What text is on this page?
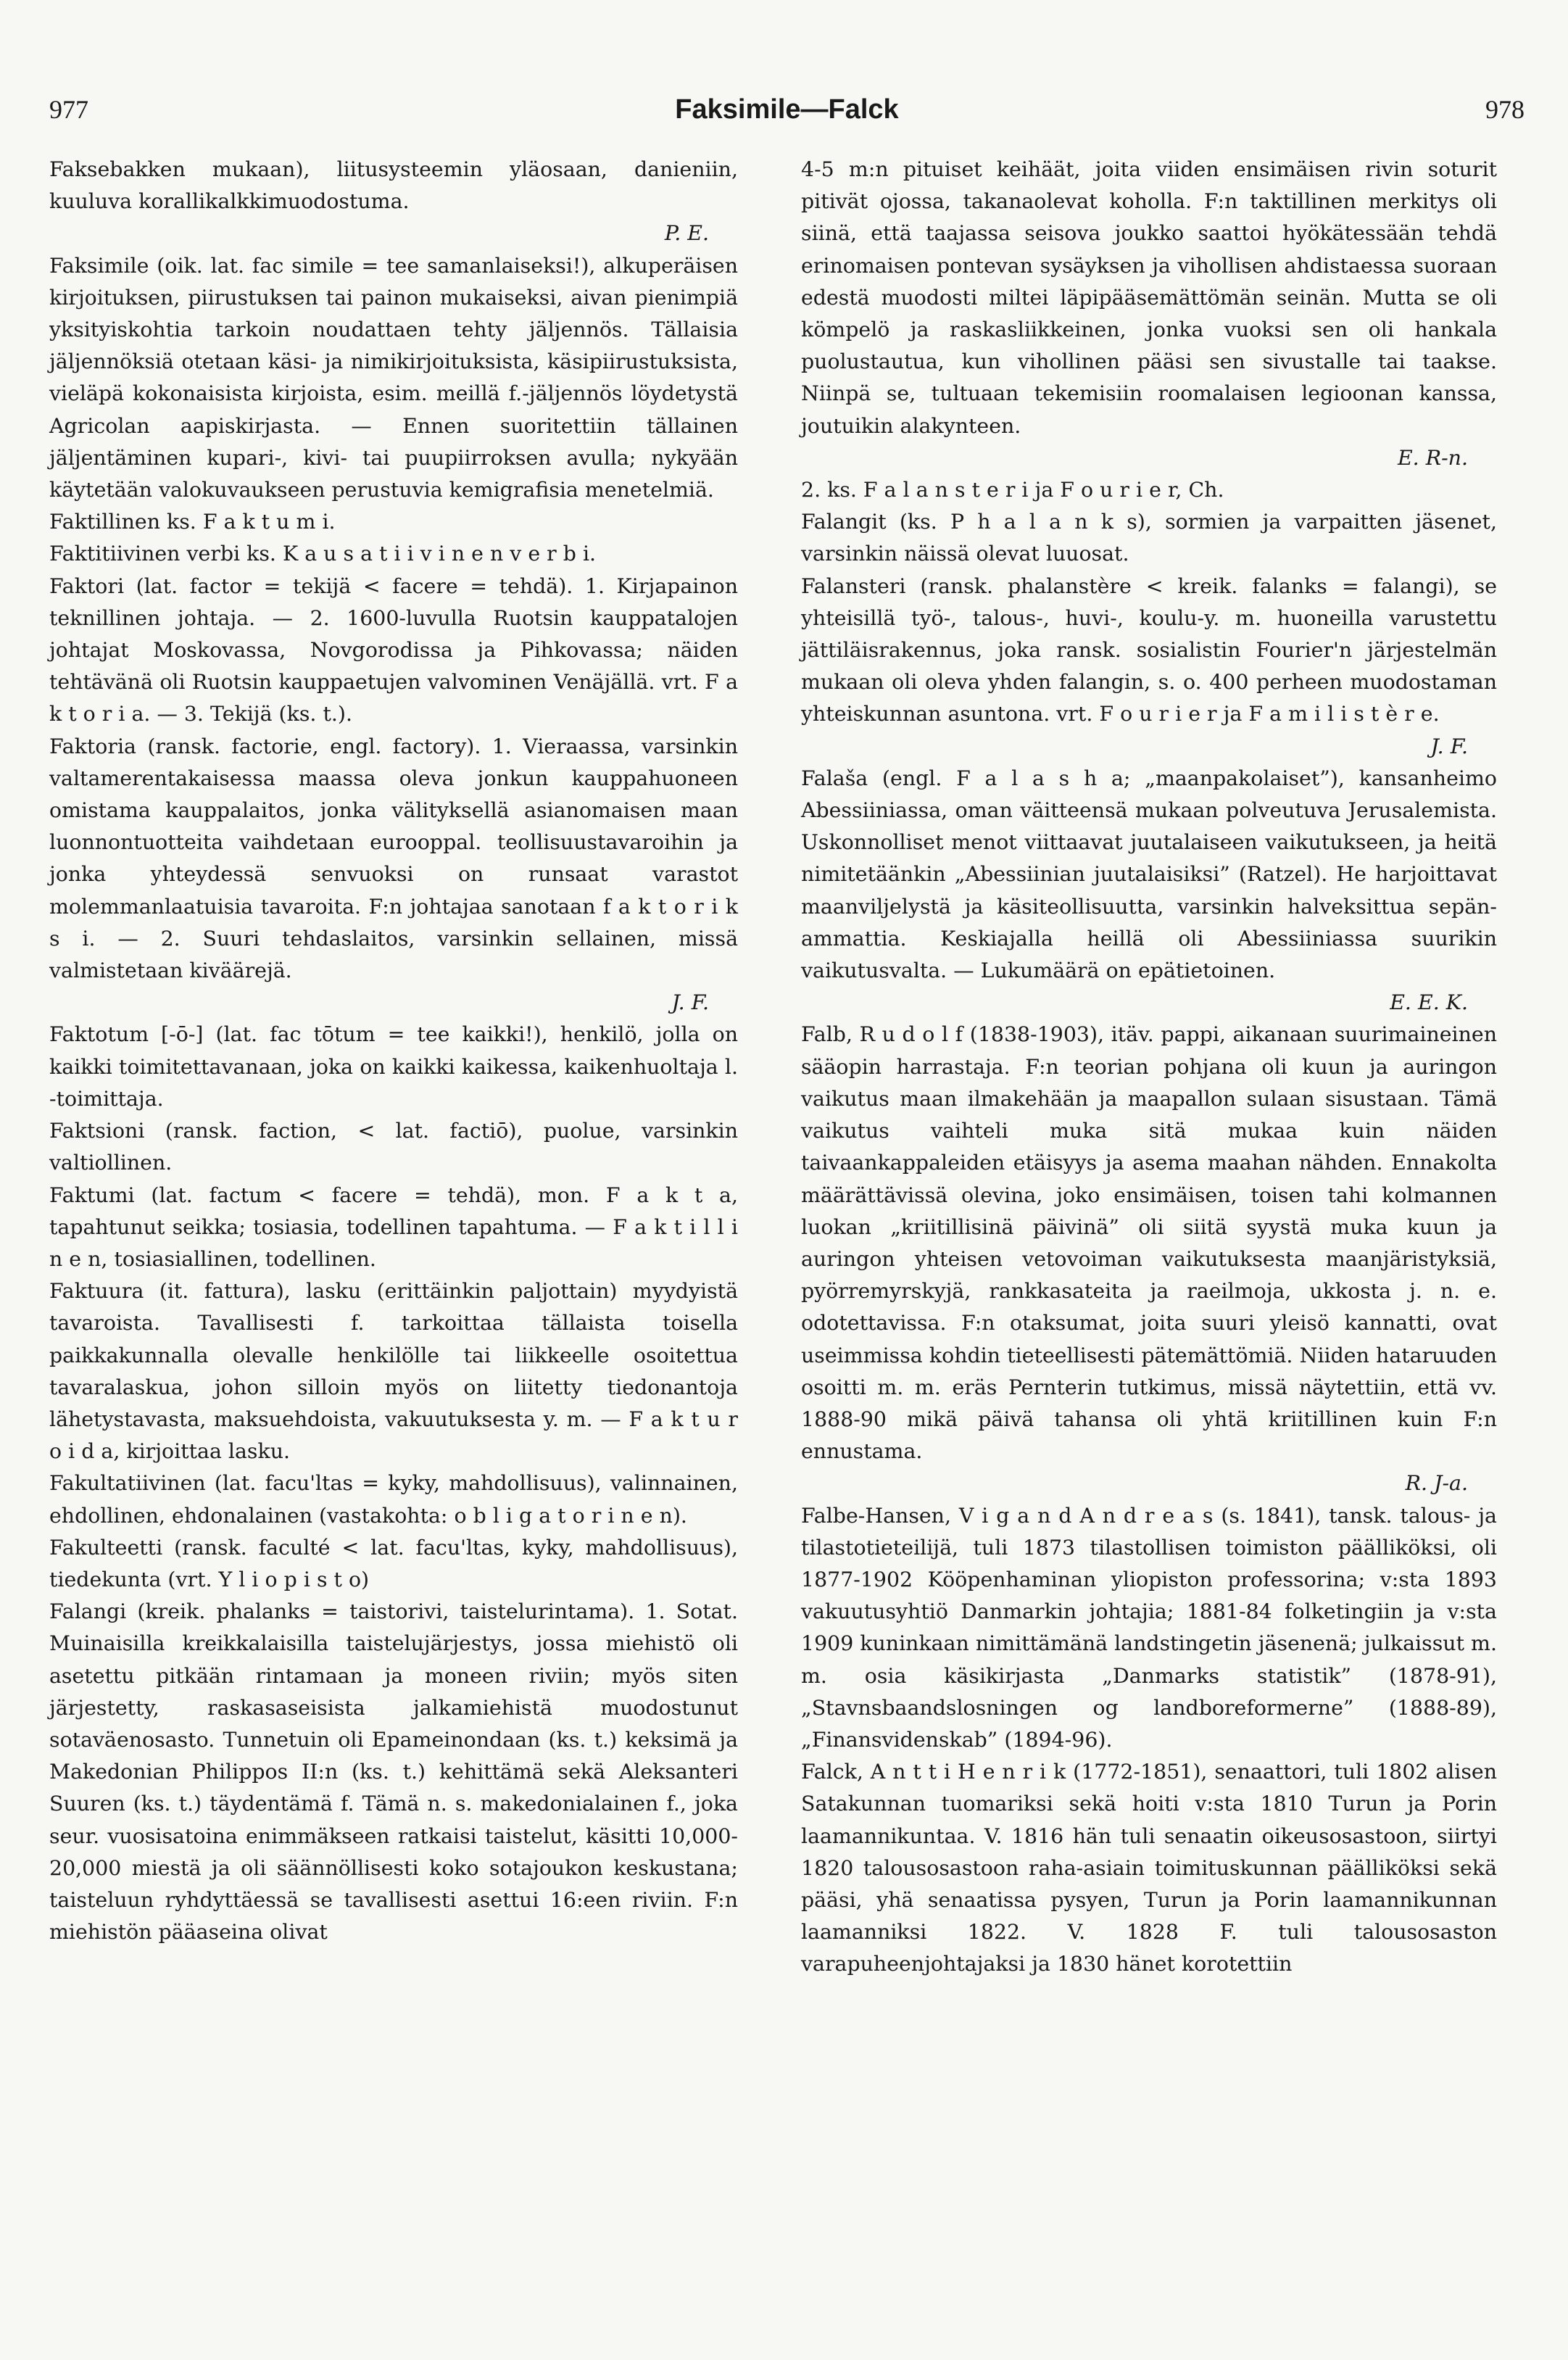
977	Faksimile—Falck	978

Faksebakken mukaan), liitusysteemin yläosaan, danieniin, kuuluva korallikalkkimuodostuma.

P. E.

Faksimile (oik. lat. fac simile = tee samanlaiseksi!), alkuperäisen kirjoituksen, piirustuksen tai painon mukaiseksi, aivan pienimpiä yksityiskohtia tarkoin noudattaen tehty jäljennös. Tällaisia jäljennöksiä otetaan käsi- ja nimikirjoituksista, käsipiirustuksista, vieläpä kokonaisista kirjoista, esim. meillä f.-jäljennös löydetystä Agricolan aapiskirjasta. — Ennen suoritettiin tällainen jäljentäminen kupari-, kivi- tai puupiirroksen avulla; nykyään käytetään valokuvaukseen perustuvia kemigrafisia menetelmiä.

Faktillinen ks. F a k t u m i.

Faktitiivinen verbi ks. K a u s a t i i v i n e n v e r b i.

Faktori (lat. factor = tekijä < facere = tehdä). 1. Kirjapainon teknillinen johtaja. — 2. 1600-luvulla Ruotsin kauppatalojen johtajat Moskovassa, Novgorodissa ja Pihkovassa; näiden tehtävänä oli Ruotsin kauppaetujen valvominen Venäjällä. vrt. F a k t o r i a. — 3. Tekijä (ks. t.).

Faktoria (ransk. factorie, engl. factory). 1. Vieraassa, varsinkin valtamerentakaisessa maassa oleva jonkun kauppahuoneen omistama kauppalaitos, jonka välityksellä asianomaisen maan luonnontuotteita vaihdetaan eurooppal. teollisuustavaroihin ja jonka yhteydessä senvuoksi on runsaat varastot molemmanlaatuisia tavaroita. F:n johtajaa sanotaan f a k t o r i k s i. — 2. Suuri tehdaslaitos, varsinkin sellainen, missä valmistetaan kiväärejä.

J. F.

Faktotum [-ō-] (lat. fac tōtum = tee kaikki!), henkilö, jolla on kaikki toimitettavanaan, joka on kaikki kaikessa, kaikenhuoltaja l. -toimittaja.

Faktsioni (ransk. faction, < lat. factiō), puolue, varsinkin valtiollinen.

Faktumi (lat. factum < facere = tehdä), mon. F a k t a, tapahtunut seikka; tosiasia, todellinen tapahtuma. — F a k t i l l i n e n, tosiasiallinen, todellinen.

Faktuura (it. fattura), lasku (erittäinkin paljottain) myydyistä tavaroista. Tavallisesti f. tarkoittaa tällaista toisella paikkakunnalla olevalle henkilölle tai liikkeelle osoitettua tavaralaskua, johon silloin myös on liitetty tiedonantoja lähetystavasta, maksuehdoista, vakuutuksesta y. m. — F a k t u r o i d a, kirjoittaa lasku.

Fakultatiivinen (lat. facu'ltas = kyky, mahdollisuus), valinnainen, ehdollinen, ehdonalainen (vastakohta: o b l i g a t o r i n e n).

Fakulteetti (ransk. faculté < lat. facu'ltas, kyky, mahdollisuus), tiedekunta (vrt. Y l i o p i s t o)

Falangi (kreik. phalanks = taistorivi, taistelurintama). 1. Sotat. Muinaisilla kreikkalaisilla taistelujärjestys, jossa miehistö oli asetettu pitkään rintamaan ja moneen riviin; myös siten järjestetty, raskasaseisista jalkamiehistä muodostunut sotaväenosasto. Tunnetuin oli Epameinondaan (ks. t.) keksimä ja Makedonian Philippos II:n (ks. t.) kehittämä sekä Aleksanteri Suuren (ks. t.) täydentämä f. Tämä n. s. makedonialainen f., joka seur. vuosisatoina enimmäkseen ratkaisi taistelut, käsitti 10,000-20,000 miestä ja oli säännöllisesti koko sotajoukon keskustana; taisteluun ryhdyttäessä se tavallisesti asettui 16:een riviin. F:n miehistön pääaseina olivat

4-5 m:n pituiset keihäät, joita viiden ensimäisen rivin soturit pitivät ojossa, takanaolevat koholla. F:n taktillinen merkitys oli siinä, että taajassa seisova joukko saattoi hyökätessään tehdä erinomaisen pontevan sysäyksen ja vihollisen ahdistaessa suoraan edestä muodosti miltei läpipääsemättömän seinän. Mutta se oli kömpelö ja raskasliikkeinen, jonka vuoksi sen oli hankala puolustautua, kun vihollinen pääsi sen sivustalle tai taakse. Niinpä se, tultuaan tekemisiin roomalaisen legioonan kanssa, joutuikin alakynteen.

E. R-n.

2. ks. F a l a n s t e r i ja F o u r i e r, Ch.

Falangit (ks. P h a l a n k s), sormien ja varpaitten jäsenet, varsinkin näissä olevat luuosat.

Falansteri (ransk. phalanstère < kreik. falanks = falangi), se yhteisillä työ-, talous-, huvi-, koulu-y. m. huoneilla varustettu jättiläisrakennus, joka ransk. sosialistin Fourier'n järjestelmän mukaan oli oleva yhden falangin, s. o. 400 perheen muodostaman yhteiskunnan asuntona. vrt. F o u r i e r ja F a m i l i s t è r e.

J. F.

Falaša (engl. F a l a s h a; „maanpakolaiset”), kansanheimo Abessiiniassa, oman väitteensä mukaan polveutuva Jerusalemista. Uskonnolliset menot viittaavat juutalaiseen vaikutukseen, ja heitä nimitetäänkin „Abessiinian juutalaisiksi” (Ratzel). He harjoittavat maanviljelystä ja käsiteollisuutta, varsinkin halveksittua sepän-ammattia. Keskiajalla heillä oli Abessiiniassa suurikin vaikutusvalta. — Lukumäärä on epätietoinen.

E. E. K.

Falb, R u d o l f (1838-1903), itäv. pappi, aikanaan suurimaineinen sääopin harrastaja. F:n teorian pohjana oli kuun ja auringon vaikutus maan ilmakehään ja maapallon sulaan sisustaan. Tämä vaikutus vaihteli muka sitä mukaa kuin näiden taivaankappaleiden etäisyys ja asema maahan nähden. Ennakolta määrättävissä olevina, joko ensimäisen, toisen tahi kolmannen luokan „kriitillisinä päivinä” oli siitä syystä muka kuun ja auringon yhteisen vetovoiman vaikutuksesta maanjäristyksiä, pyörremyrskyjä, rankkasateita ja raeilmoja, ukkosta j. n. e. odotettavissa. F:n otaksumat, joita suuri yleisö kannatti, ovat useimmissa kohdin tieteellisesti pätemättömiä. Niiden hataruuden osoitti m. m. eräs Pernterin tutkimus, missä näytettiin, että vv. 1888-90 mikä päivä tahansa oli yhtä kriitillinen kuin F:n ennustama.

R. J-a.

Falbe-Hansen, V i g a n d A n d r e a s (s. 1841), tansk. talous- ja tilastotieteilijä, tuli 1873 tilastollisen toimiston päälliköksi, oli 1877-1902 Kööpenhaminan yliopiston professorina; v:sta 1893 vakuutusyhtiö Danmarkin johtajia; 1881-84 folketingiin ja v:sta 1909 kuninkaan nimittämänä landstingetin jäsenenä; julkaissut m. m. osia käsikirjasta „Danmarks statistik” (1878-91), „Stavnsbaandslosningen og landboreformerne” (1888-89), „Finansvidenskab” (1894-96).

Falck, A n t t i H e n r i k (1772-1851), senaattori, tuli 1802 alisen Satakunnan tuomariksi sekä hoiti v:sta 1810 Turun ja Porin laamannikuntaa. V. 1816 hän tuli senaatin oikeusosastoon, siirtyi 1820 talousosastoon raha-asiain toimituskunnan päälliköksi sekä pääsi, yhä senaatissa pysyen, Turun ja Porin laamannikunnan laamanniksi 1822. V. 1828 F. tuli talousosaston varapuheenjohtajaksi ja 1830 hänet korotettiin
